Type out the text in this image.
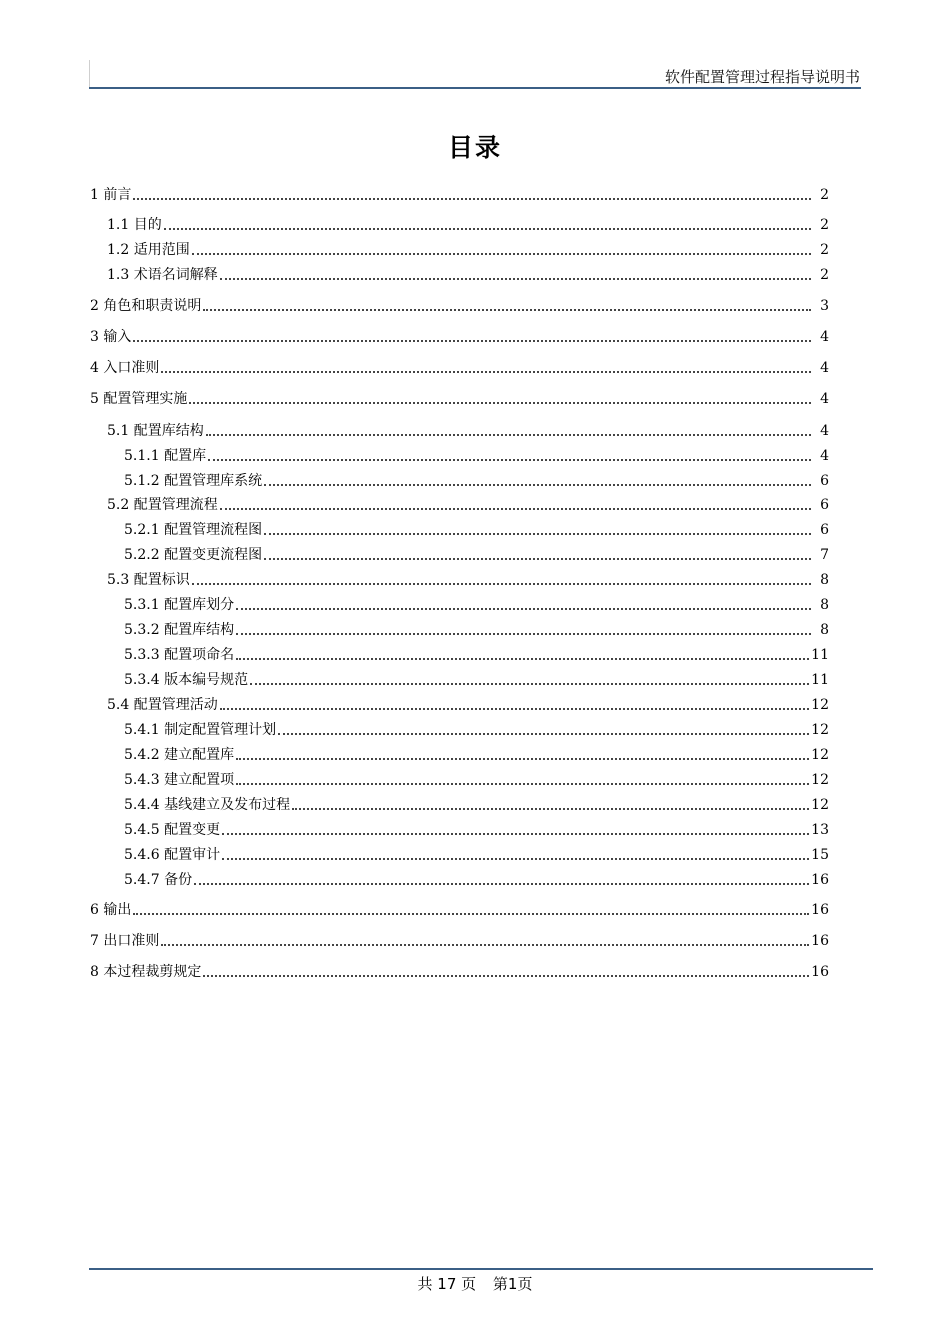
软件配置管理过程指导说明书
目录
1 前言	2
1.1 目的	2
1.2 适用范围	2
1.3 术语名词解释	2
2 角色和职责说明	3
3 输入	4
4 入口准则	4
5 配置管理实施	4
5.1 配置库结构	4
5.1.1 配置库	4
5.1.2 配置管理库系统	6
5.2 配置管理流程	6
5.2.1 配置管理流程图	6
5.2.2 配置变更流程图	7
5.3 配置标识	8
5.3.1 配置库划分	8
5.3.2 配置库结构	8
5.3.3 配置项命名	11
5.3.4 版本编号规范	11
5.4 配置管理活动	12
5.4.1 制定配置管理计划	12
5.4.2 建立配置库	12
5.4.3 建立配置项	12
5.4.4 基线建立及发布过程	12
5.4.5 配置变更	13
5.4.6 配置审计	15
5.4.7 备份	16
6 输出	16
7 出口准则	16
8 本过程裁剪规定	16
共 17 页 第1页
